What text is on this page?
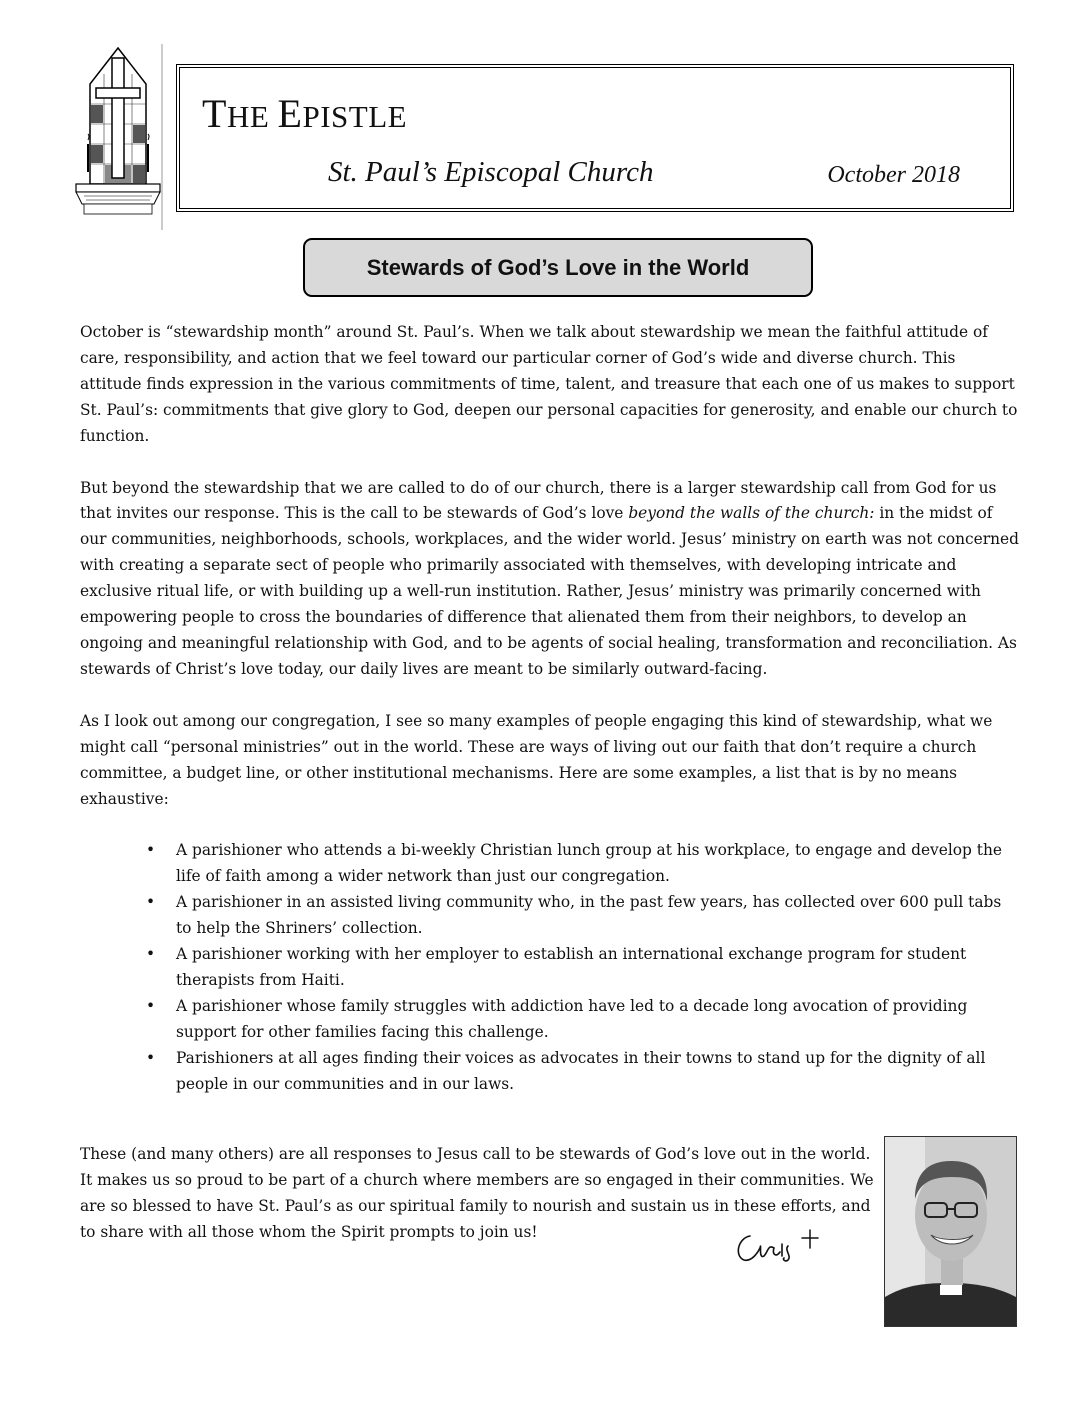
THE EPISTLE
St. Paul’s Episcopal Church	October 2018
Stewards of God’s Love in the World

October is “stewardship month” around St. Paul’s. When we talk about stewardship we mean the faithful attitude of care, responsibility, and action that we feel toward our particular corner of God’s wide and diverse church. This attitude finds expression in the various commitments of time, talent, and treasure that each one of us makes to support St. Paul’s: commitments that give glory to God, deepen our personal capacities for generosity, and enable our church to function.

But beyond the stewardship that we are called to do of our church, there is a larger stewardship call from God for us that invites our response. This is the call to be stewards of God’s love beyond the walls of the church: in the midst of our communities, neighborhoods, schools, workplaces, and the wider world. Jesus’ ministry on earth was not concerned with creating a separate sect of people who primarily associated with themselves, with developing intricate and exclusive ritual life, or with building up a well-run institution. Rather, Jesus’ ministry was primarily concerned with empowering people to cross the boundaries of difference that alienated them from their neighbors, to develop an ongoing and meaningful relationship with God, and to be agents of social healing, transformation and reconciliation. As stewards of Christ’s love today, our daily lives are meant to be similarly outward-facing.

As I look out among our congregation, I see so many examples of people engaging this kind of stewardship, what we might call “personal ministries” out in the world. These are ways of living out our faith that don’t require a church committee, a budget line, or other institutional mechanisms. Here are some examples, a list that is by no means exhaustive:

• A parishioner who attends a bi-weekly Christian lunch group at his workplace, to engage and develop the life of faith among a wider network than just our congregation.
• A parishioner in an assisted living community who, in the past few years, has collected over 600 pull tabs to help the Shriners’ collection.
• A parishioner working with her employer to establish an international exchange program for student therapists from Haiti.
• A parishioner whose family struggles with addiction have led to a decade long avocation of providing support for other families facing this challenge.
• Parishioners at all ages finding their voices as advocates in their towns to stand up for the dignity of all people in our communities and in our laws.

These (and many others) are all responses to Jesus call to be stewards of God’s love out in the world. It makes us so proud to be part of a church where members are so engaged in their communities. We are so blessed to have St. Paul’s as our spiritual family to nourish and sustain us in these efforts, and to share with all those whom the Spirit prompts to join us!
